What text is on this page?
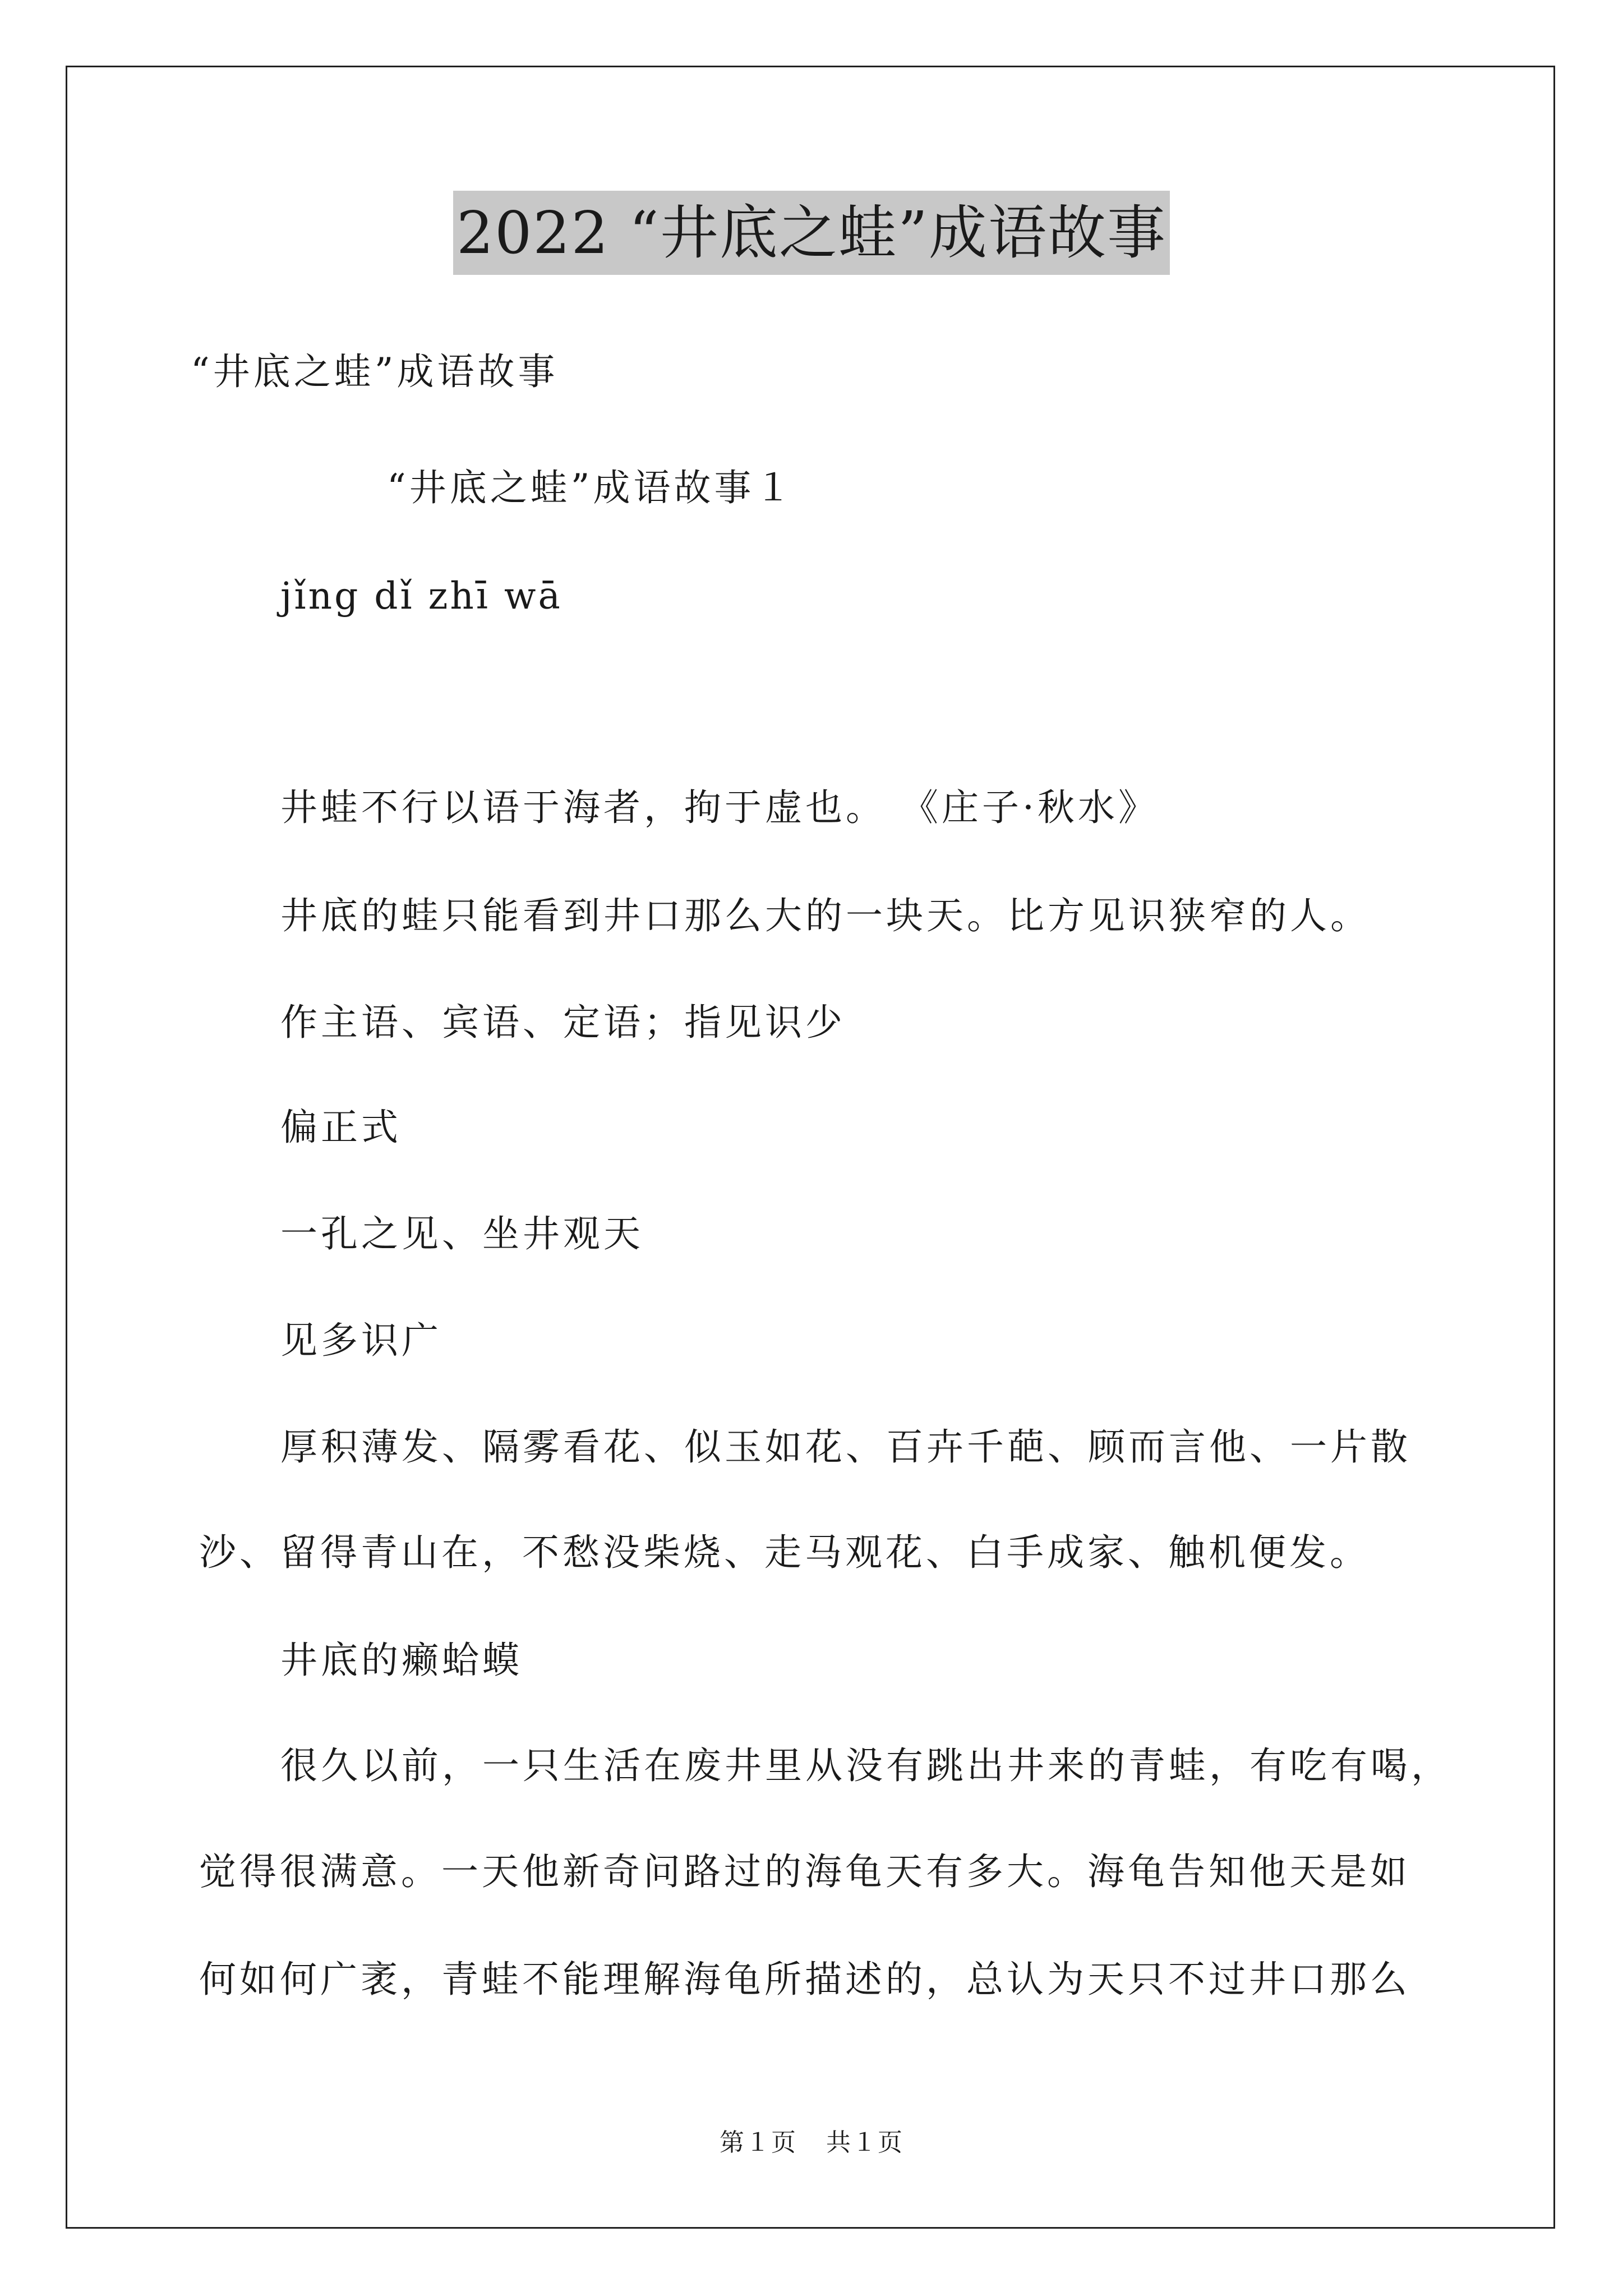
2022 “井底之蛙”成语故事
“井底之蛙”成语故事
“井底之蛙”成语故事１
jǐng dǐ zhī wā
井蛙不行以语于海者，拘于虚也。 《庄子·秋水》
井底的蛙只能看到井口那么大的一块天。比方见识狭窄的人。
作主语、宾语、定语；指见识少
偏正式
一孔之见、坐井观天
见多识广
厚积薄发、隔雾看花、似玉如花、百卉千葩、顾而言他、一片散
沙、留得青山在，不愁没柴烧、走马观花、白手成家、触机便发。
井底的癞蛤蟆
很久以前，一只生活在废井里从没有跳出井来的青蛙，有吃有喝，
觉得很满意。一天他新奇问路过的海龟天有多大。海龟告知他天是如
何如何广袤，青蛙不能理解海龟所描述的，总认为天只不过井口那么
第１页 共１页
